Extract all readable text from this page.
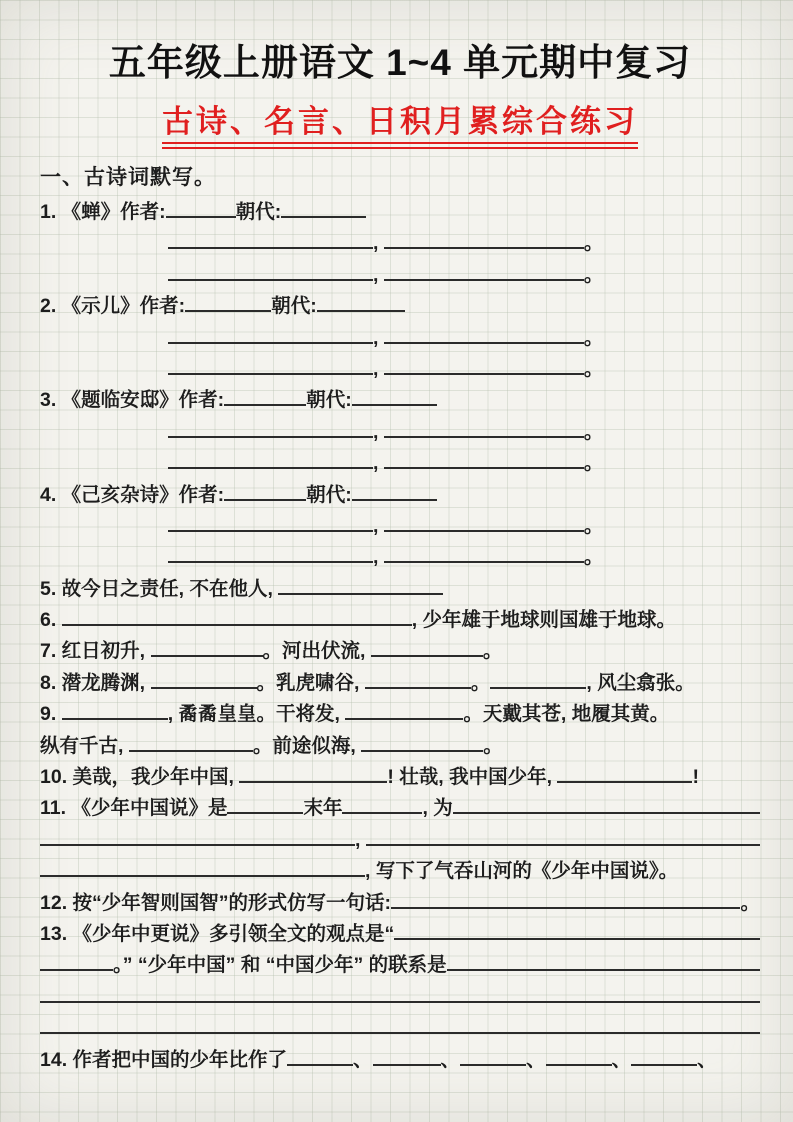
五年级上册语文 1~4 单元期中复习
古诗、名言、日积月累综合练习
一、古诗词默写。
1. 《蝉》作者:	朝代:
,	。
,	。
2. 《示儿》作者:	朝代:
,	。
,	。
3. 《题临安邸》作者:	朝代:
,	。
,	。
4. 《己亥杂诗》作者:	朝代:
,	。
,	。
5. 故今日之责任, 不在他人,
6.	, 少年雄于地球则国雄于地球。
7. 红日初升,	。河出伏流,	。
8. 潜龙腾渊,	。乳虎啸谷,	。	, 风尘翕张。
9.	, 矞矞皇皇。干将发,	。天戴其苍, 地履其黄。
纵有千古,	。前途似海,	。
10. 美哉，我少年中国,	! 壮哉, 我中国少年,	!
11. 《少年中国说》是	末年	, 为
,
, 写下了气吞山河的《少年中国说》。
12. 按“少年智则国智”的形式仿写一句话:	。
13. 《少年中更说》多引领全文的观点是“
。” “少年中国” 和 “中国少年” 的联系是
14. 作者把中国的少年比作了	、	、	、	、	、
